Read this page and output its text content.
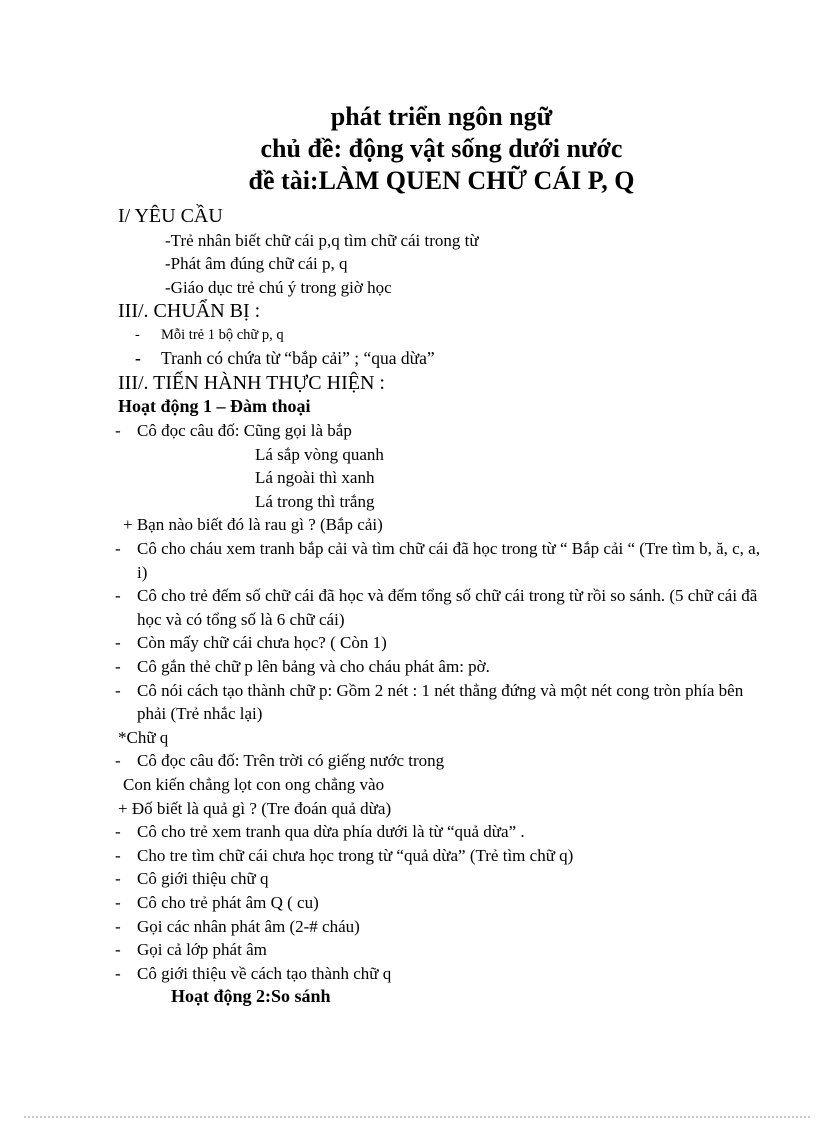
phát triển ngôn ngữ
chủ đề: động vật sống dưới nước
đề tài:LÀM QUEN CHỮ CÁI P, Q
I/ YÊU CẦU
-Trẻ nhân biết chữ cái p,q tìm chữ cái trong từ
-Phát âm đúng chữ cái p, q
-Giáo dục trẻ chú ý trong giờ học
III/. CHUẨN BỊ :
-	Mỗi trẻ 1 bộ chữ p, q
-	Tranh có chứa từ “bắp cải” ; “qua dừa”
III/. TIẾN HÀNH THỰC HIỆN :
Hoạt động 1 – Đàm thoại
- Cô đọc câu đố: Cũng gọi là bắp
Lá sắp vòng quanh
Lá ngoài thì xanh
Lá trong thì trắng
+ Bạn nào biết đó là rau gì ? (Bắp cải)
- Cô cho cháu xem tranh bắp cải và tìm chữ cái đã học trong từ “ Bắp cải “ (Tre tìm b, ă, c, a, i)
- Cô cho trẻ đếm số chữ cái đã học và đếm tổng số chữ cái trong từ rồi so sánh. (5 chữ cái đã học và có tổng số là 6 chữ cái)
- Còn mấy chữ cái chưa học? ( Còn 1)
- Cô gắn thẻ chữ p lên bảng và cho cháu phát âm: pờ.
- Cô nói cách tạo thành chữ p: Gồm 2 nét : 1 nét thẳng đứng và một nét cong tròn phía bên phải (Trẻ nhắc lại)
*Chữ q
- Cô đọc câu đố: Trên trời có giếng nước trong
Con kiến chẳng lọt con ong chẳng vào
+ Đố biết là quả gì ? (Tre đoán quả dừa)
- Cô cho trẻ xem tranh qua dừa phía dưới là từ “quả dừa” .
- Cho tre tìm chữ cái chưa học trong từ “quả dừa” (Trẻ tìm chữ q)
- Cô giới thiệu chữ q
- Cô cho trẻ phát âm Q ( cu)
- Gọi các nhân phát âm (2-# cháu)
- Gọi cả lớp phát âm
- Cô giới thiệu về cách tạo thành chữ q
Hoạt động 2:So sánh
